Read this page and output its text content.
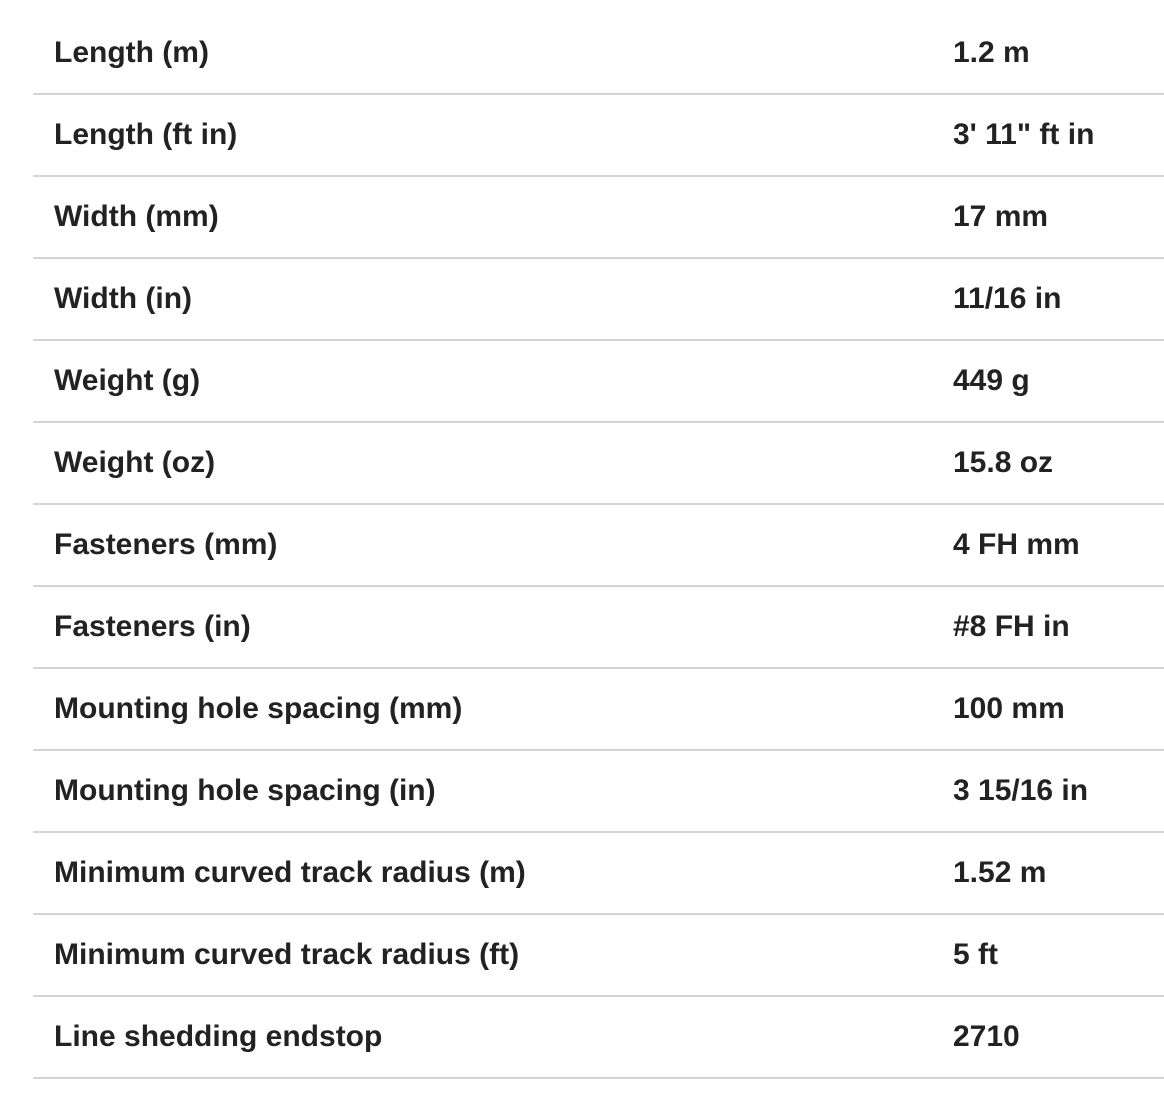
Length (m)	1.2 m
Length (ft in)	3' 11" ft in
Width (mm)	17 mm
Width (in)	11/16 in
Weight (g)	449 g
Weight (oz)	15.8 oz
Fasteners (mm)	4 FH mm
Fasteners (in)	#8 FH in
Mounting hole spacing (mm)	100 mm
Mounting hole spacing (in)	3 15/16 in
Minimum curved track radius (m)	1.52 m
Minimum curved track radius (ft)	5 ft
Line shedding endstop	2710
